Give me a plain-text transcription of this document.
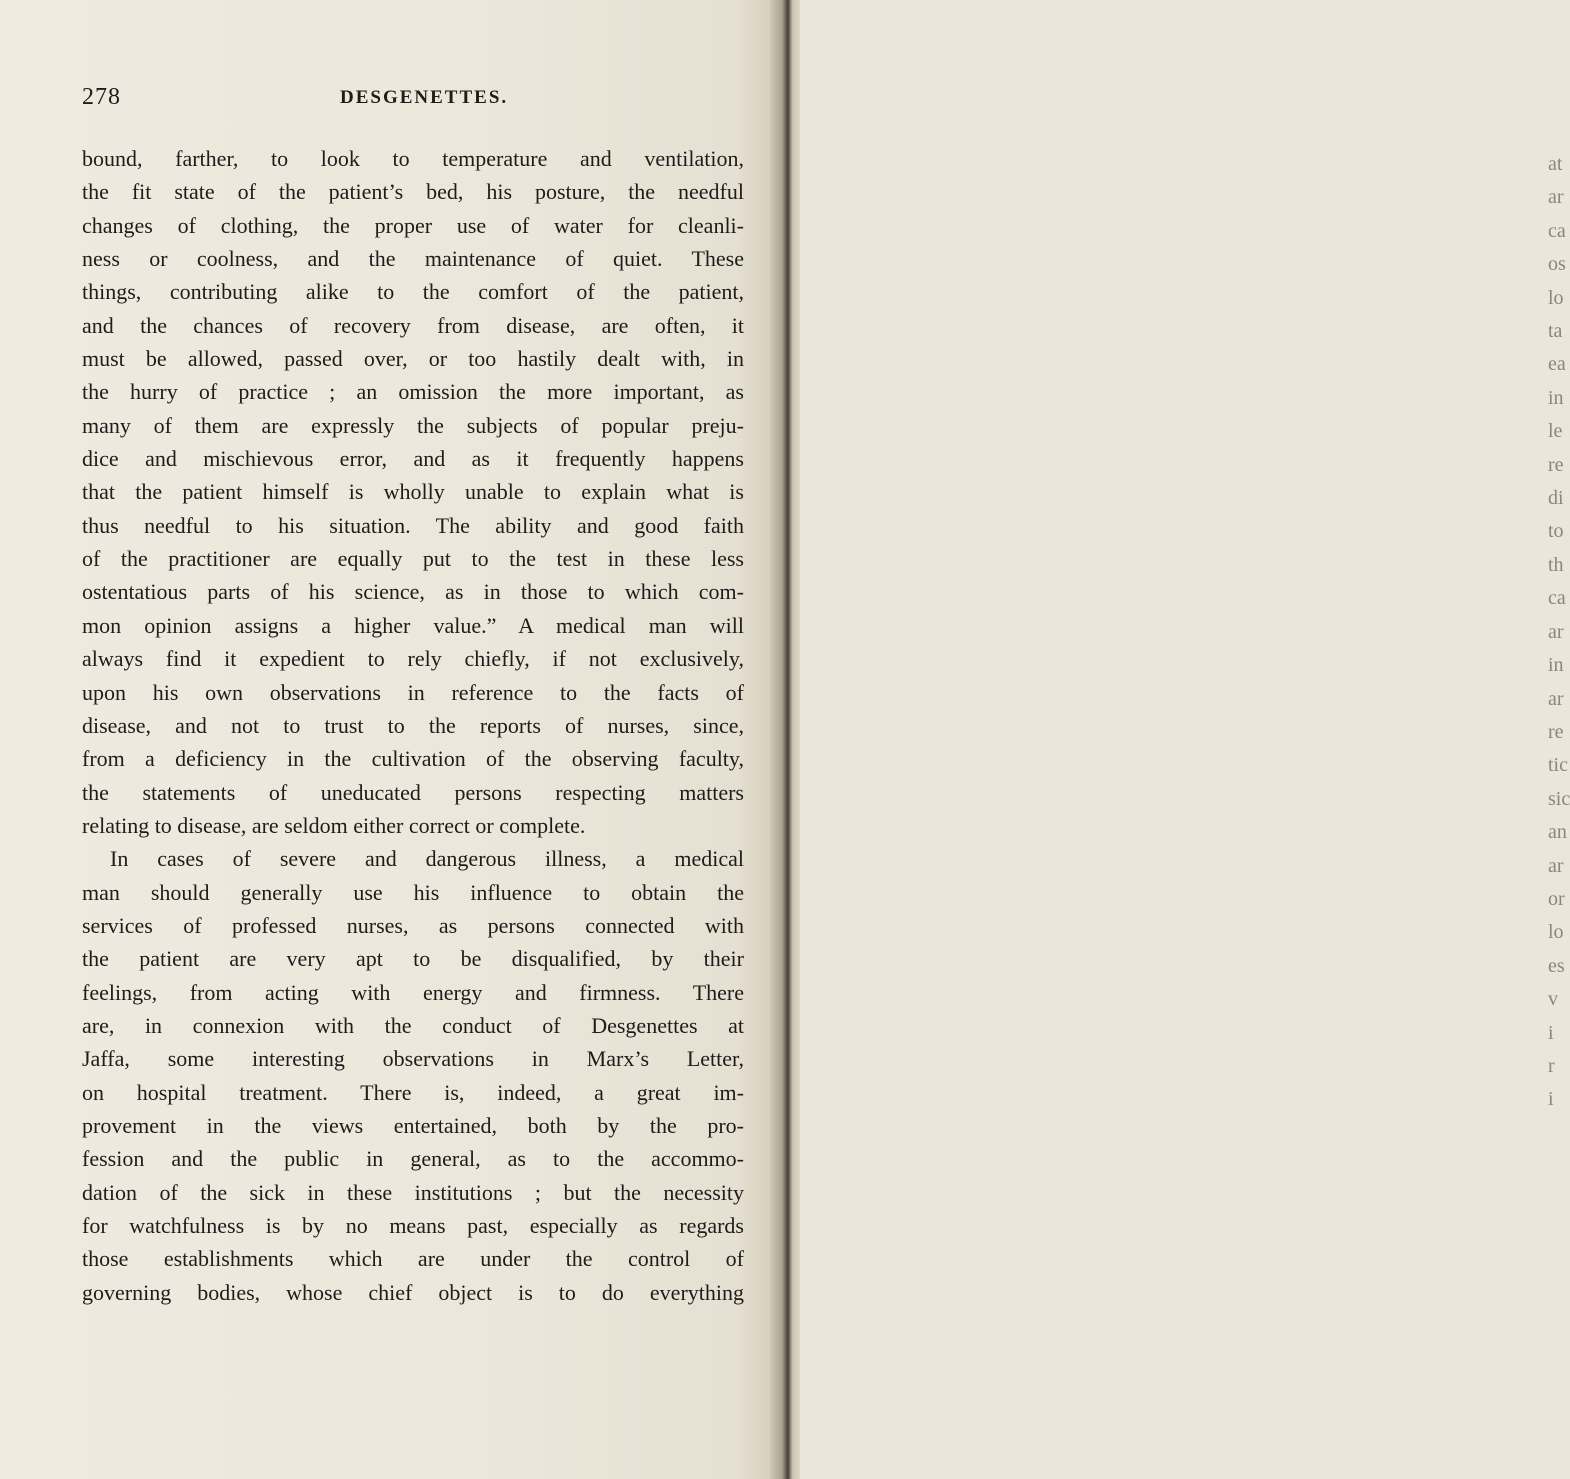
at
ar
ca
os
lo
ta
ea
in
le
re
di
to
th
ca
ar
in
ar
re
tic
sic
an
ar
or
lo
es
v
i
r
i
278	DESGENETTES.
bound, farther, to look to temperature and ventilation,
the fit state of the patient’s bed, his posture, the needful
changes of clothing, the proper use of water for cleanli-
ness or coolness, and the maintenance of quiet. These
things, contributing alike to the comfort of the patient,
and the chances of recovery from disease, are often, it
must be allowed, passed over, or too hastily dealt with, in
the hurry of practice ; an omission the more important, as
many of them are expressly the subjects of popular preju-
dice and mischievous error, and as it frequently happens
that the patient himself is wholly unable to explain what is
thus needful to his situation. The ability and good faith
of the practitioner are equally put to the test in these less
ostentatious parts of his science, as in those to which com-
mon opinion assigns a higher value.” A medical man will
always find it expedient to rely chiefly, if not exclusively,
upon his own observations in reference to the facts of
disease, and not to trust to the reports of nurses, since,
from a deficiency in the cultivation of the observing faculty,
the statements of uneducated persons respecting matters
relating to disease, are seldom either correct or complete.
In cases of severe and dangerous illness, a medical
man should generally use his influence to obtain the
services of professed nurses, as persons connected with
the patient are very apt to be disqualified, by their
feelings, from acting with energy and firmness. There
are, in connexion with the conduct of Desgenettes at
Jaffa, some interesting observations in Marx’s Letter,
on hospital treatment. There is, indeed, a great im-
provement in the views entertained, both by the pro-
fession and the public in general, as to the accommo-
dation of the sick in these institutions ; but the necessity
for watchfulness is by no means past, especially as regards
those establishments which are under the control of
governing bodies, whose chief object is to do everything
